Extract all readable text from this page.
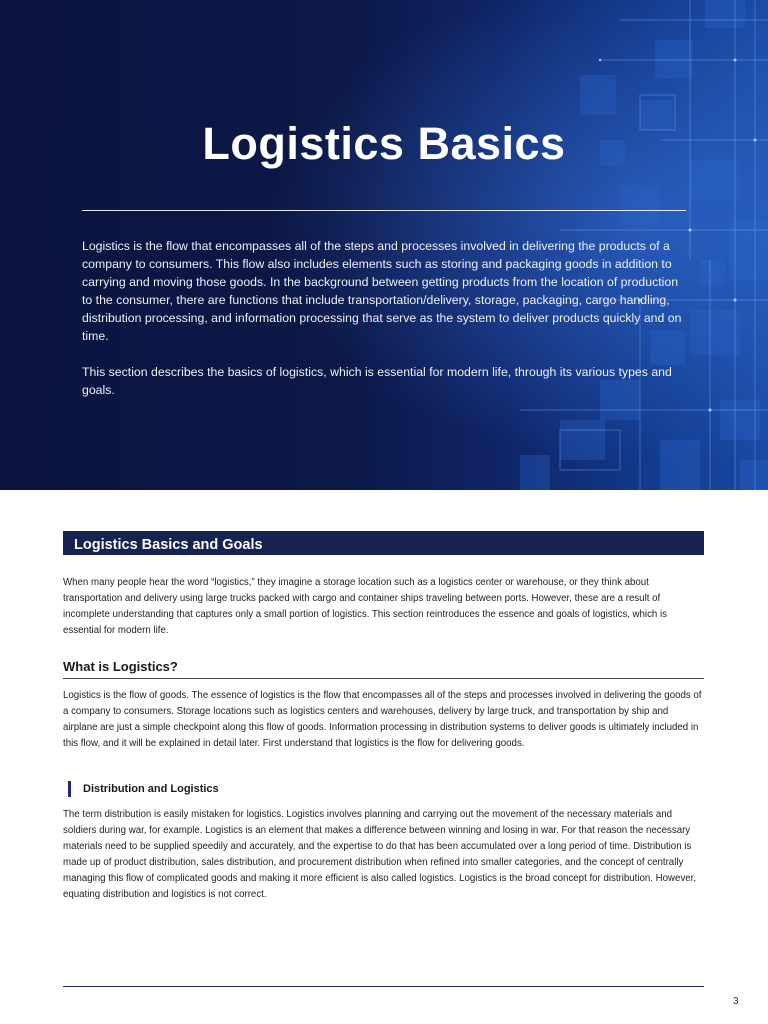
Logistics Basics

Logistics is the flow that encompasses all of the steps and processes involved in delivering the products of a company to consumers. This flow also includes elements such as storing and packaging goods in addition to carrying and moving those goods. In the background between getting products from the location of production to the consumer, there are functions that include transportation/delivery, storage, packaging, cargo handling, distribution processing, and information processing that serve as the system to deliver products quickly and on time.

This section describes the basics of logistics, which is essential for modern life, through its various types and goals.

Logistics Basics and Goals

When many people hear the word “logistics,” they imagine a storage location such as a logistics center or warehouse, or they think about transportation and delivery using large trucks packed with cargo and container ships traveling between ports. However, these are a result of incomplete understanding that captures only a small portion of logistics. This section reintroduces the essence and goals of logistics, which is essential for modern life.

What is Logistics?

Logistics is the flow of goods. The essence of logistics is the flow that encompasses all of the steps and processes involved in delivering the goods of a company to consumers. Storage locations such as logistics centers and warehouses, delivery by large truck, and transportation by ship and airplane are just a simple checkpoint along this flow of goods. Information processing in distribution systems to deliver goods is ultimately included in this flow, and it will be explained in detail later. First understand that logistics is the flow for delivering goods.

Distribution and Logistics

The term distribution is easily mistaken for logistics. Logistics involves planning and carrying out the movement of the necessary materials and soldiers during war, for example. Logistics is an element that makes a difference between winning and losing in war. For that reason the necessary materials need to be supplied speedily and accurately, and the expertise to do that has been accumulated over a long period of time. Distribution is made up of product distribution, sales distribution, and procurement distribution when refined into smaller categories, and the concept of centrally managing this flow of complicated goods and making it more efficient is also called logistics. Logistics is the broad concept for distribution. However, equating distribution and logistics is not correct.

3
